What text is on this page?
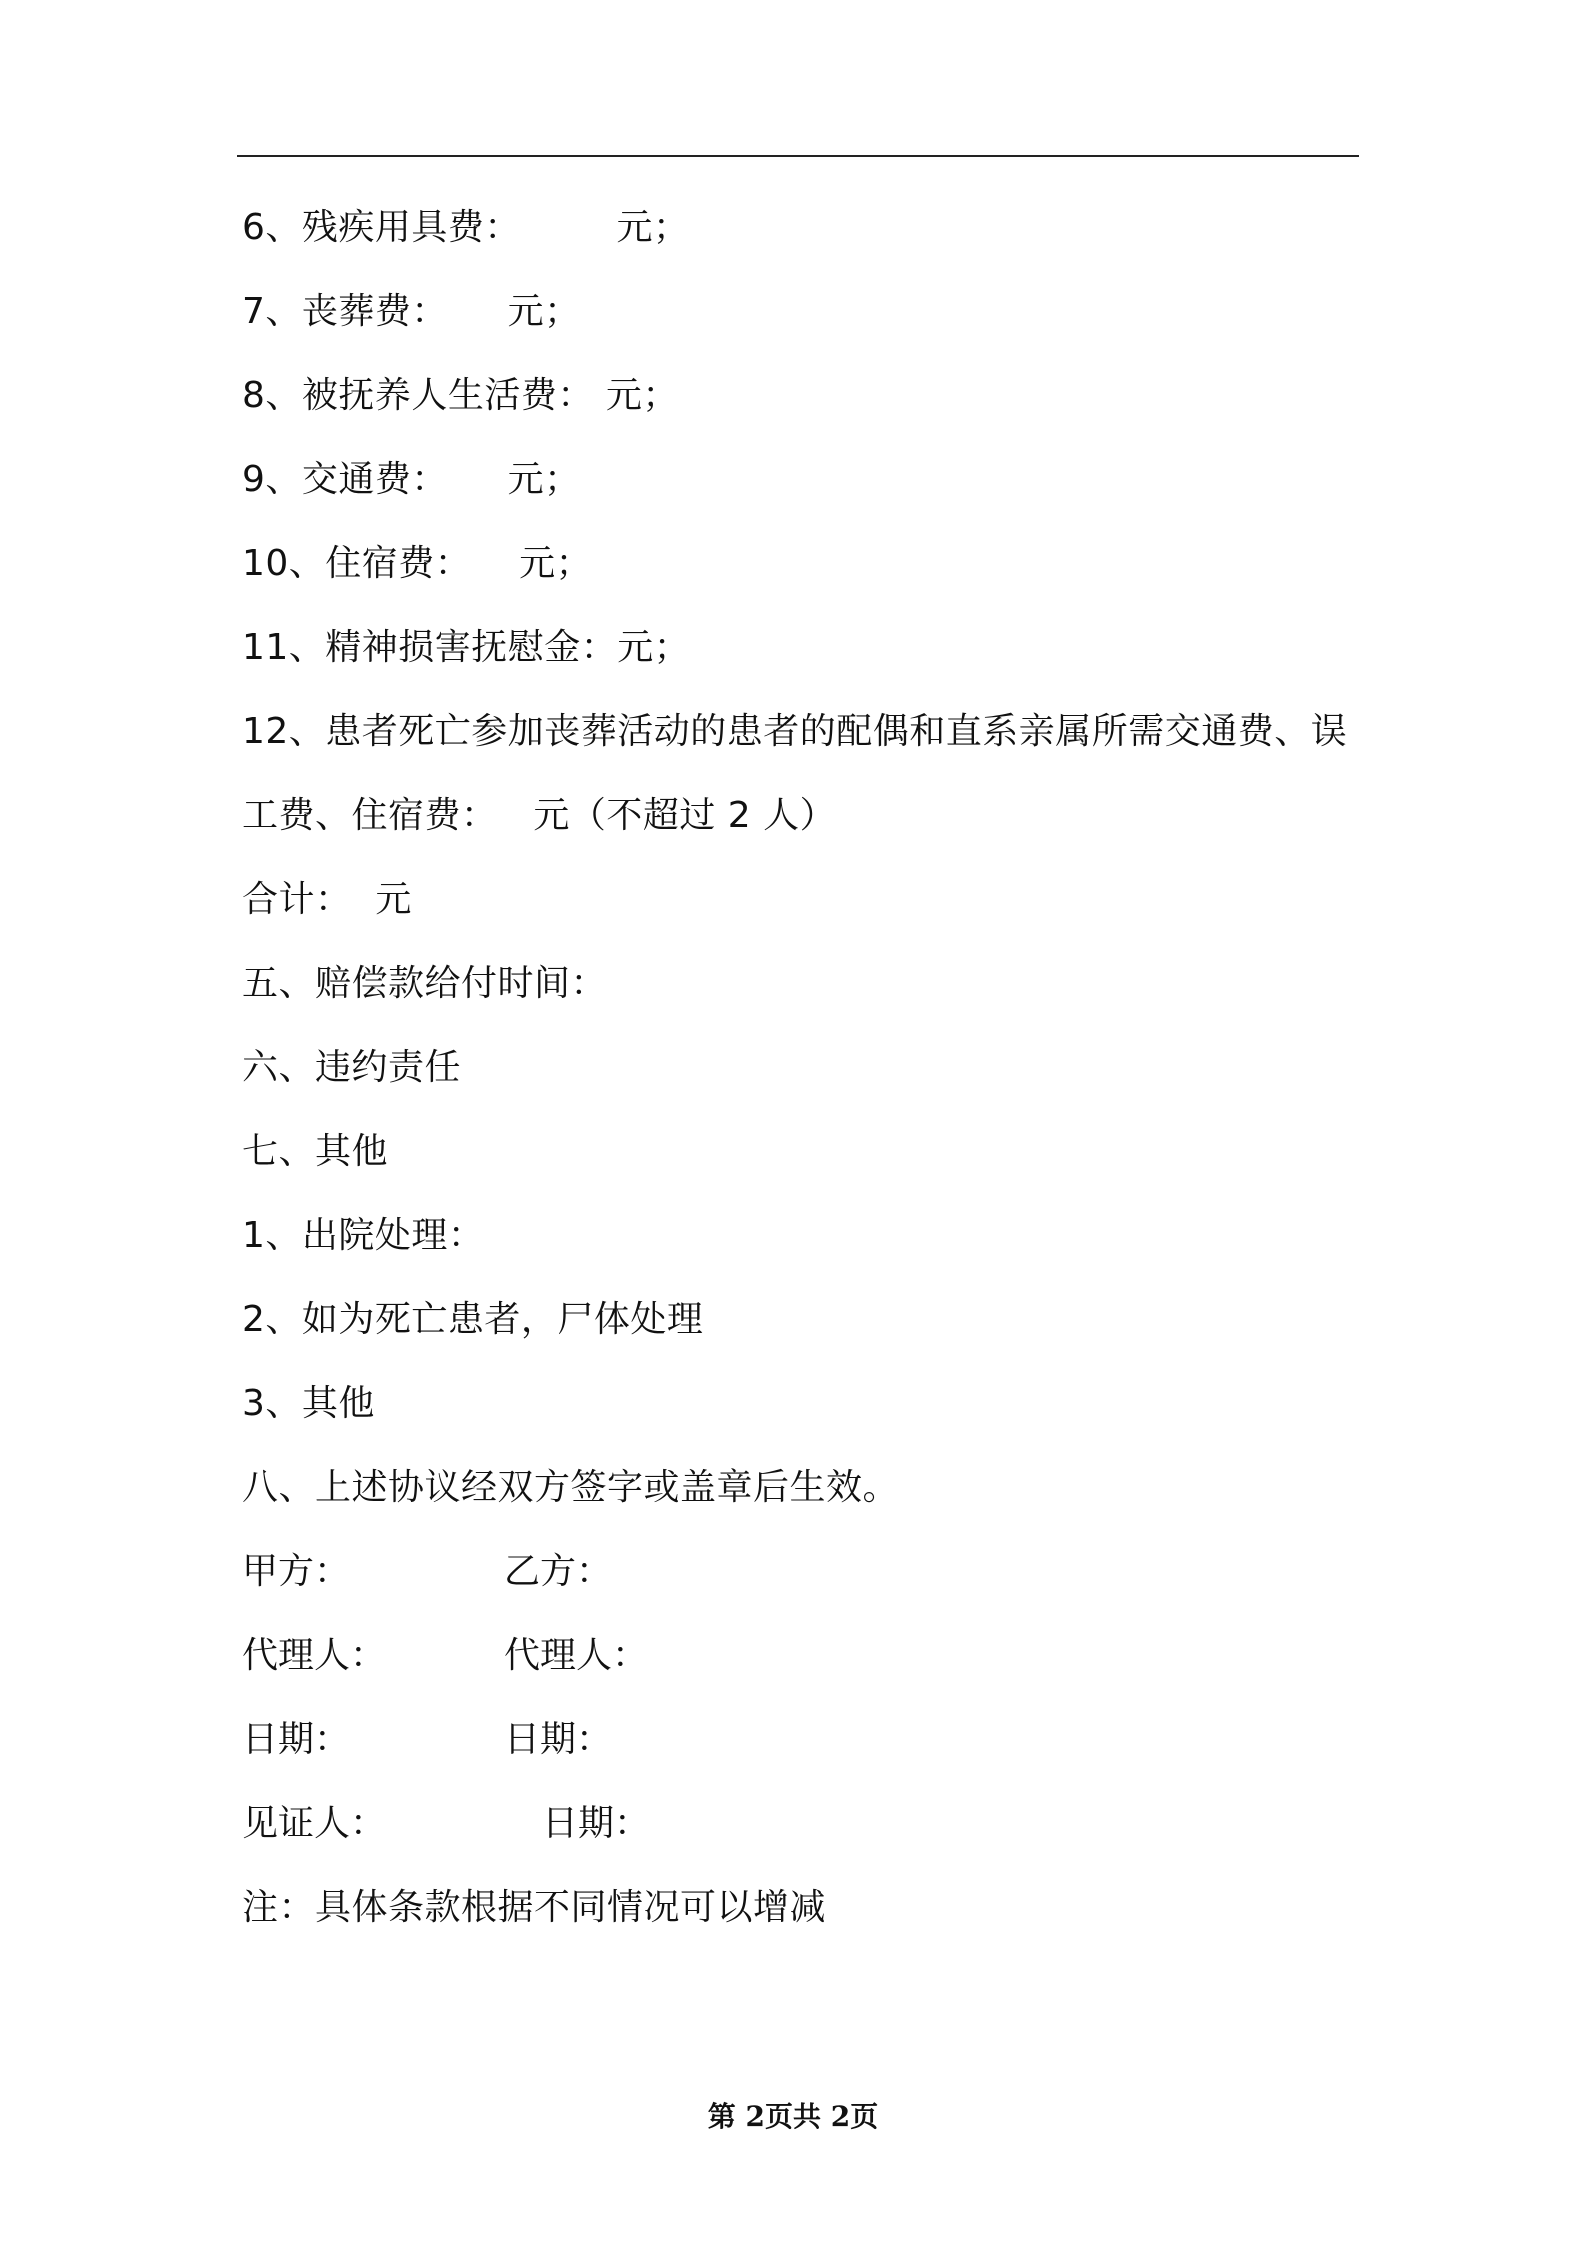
6、残疾用具费：        元；
7、丧葬费：     元；
8、被抚养人生活费： 元；
9、交通费：     元；
10、住宿费：    元；
11、精神损害抚慰金：元；
12、患者死亡参加丧葬活动的患者的配偶和直系亲属所需交通费、误
工费、住宿费：   元（不超过 2 人）
合计：  元
五、赔偿款给付时间：
六、违约责任
七、其他
1、出院处理：
2、如为死亡患者，尸体处理
3、其他
八、上述协议经双方签字或盖章后生效。
甲方：	乙方：
代理人：	代理人：
日期：	日期：
见证人：	日期：
注：具体条款根据不同情况可以增减
第 2页共 2页
